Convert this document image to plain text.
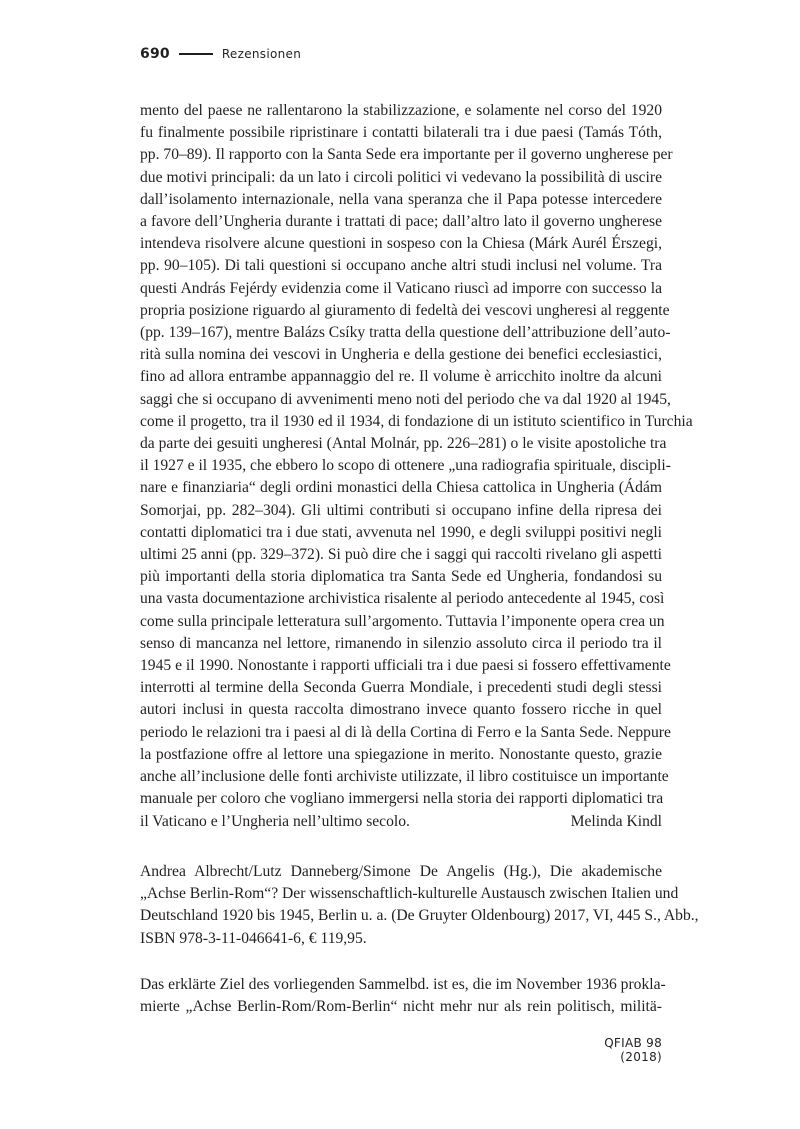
690	Rezensionen
mento del paese ne rallentarono la stabilizzazione, e solamente nel corso del 1920
fu finalmente possibile ripristinare i contatti bilaterali tra i due paesi (Tamás Tóth,
pp. 70–89). Il rapporto con la Santa Sede era importante per il governo ungherese per
due motivi principali: da un lato i circoli politici vi vedevano la possibilità di uscire
dall’isolamento internazionale, nella vana speranza che il Papa potesse intercedere
a favore dell’Ungheria durante i trattati di pace; dall’altro lato il governo ungherese
intendeva risolvere alcune questioni in sospeso con la Chiesa (Márk Aurél Érszegi,
pp. 90–105). Di tali questioni si occupano anche altri studi inclusi nel volume. Tra
questi András Fejérdy evidenzia come il Vaticano riuscì ad imporre con successo la
propria posizione riguardo al giuramento di fedeltà dei vescovi ungheresi al reggente
(pp. 139–167), mentre Balázs Csíky tratta della questione dell’attribuzione dell’auto-
rità sulla nomina dei vescovi in Ungheria e della gestione dei benefici ecclesiastici,
fino ad allora entrambe appannaggio del re. Il volume è arricchito inoltre da alcuni
saggi che si occupano di avvenimenti meno noti del periodo che va dal 1920 al 1945,
come il progetto, tra il 1930 ed il 1934, di fondazione di un istituto scientifico in Turchia
da parte dei gesuiti ungheresi (Antal Molnár, pp. 226–281) o le visite apostoliche tra
il 1927 e il 1935, che ebbero lo scopo di ottenere „una radiografia spirituale, discipli-
nare e finanziaria“ degli ordini monastici della Chiesa cattolica in Ungheria (Ádám
Somorjai, pp. 282–304). Gli ultimi contributi si occupano infine della ripresa dei
contatti diplomatici tra i due stati, avvenuta nel 1990, e degli sviluppi positivi negli
ultimi 25 anni (pp. 329–372). Si può dire che i saggi qui raccolti rivelano gli aspetti
più importanti della storia diplomatica tra Santa Sede ed Ungheria, fondandosi su
una vasta documentazione archivistica risalente al periodo antecedente al 1945, così
come sulla principale letteratura sull’argomento. Tuttavia l’imponente opera crea un
senso di mancanza nel lettore, rimanendo in silenzio assoluto circa il periodo tra il
1945 e il 1990. Nonostante i rapporti ufficiali tra i due paesi si fossero effettivamente
interrotti al termine della Seconda Guerra Mondiale, i precedenti studi degli stessi
autori inclusi in questa raccolta dimostrano invece quanto fossero ricche in quel
periodo le relazioni tra i paesi al di là della Cortina di Ferro e la Santa Sede. Neppure
la postfazione offre al lettore una spiegazione in merito. Nonostante questo, grazie
anche all’inclusione delle fonti archiviste utilizzate, il libro costituisce un importante
manuale per coloro che vogliano immergersi nella storia dei rapporti diplomatici tra
il Vaticano e l’Ungheria nell’ultimo secolo.	Melinda Kindl
Andrea Albrecht/Lutz Danneberg/Simone De Angelis (Hg.), Die akademische
„Achse Berlin-Rom“? Der wissenschaftlich-kulturelle Austausch zwischen Italien und
Deutschland 1920 bis 1945, Berlin u. a. (De Gruyter Oldenbourg) 2017, VI, 445 S., Abb.,
ISBN 978-3-11-046641-6, € 119,95.
Das erklärte Ziel des vorliegenden Sammelbd. ist es, die im November 1936 prokla-
mierte „Achse Berlin-Rom/Rom-Berlin“ nicht mehr nur als rein politisch, militä-
QFIAB 98 (2018)
